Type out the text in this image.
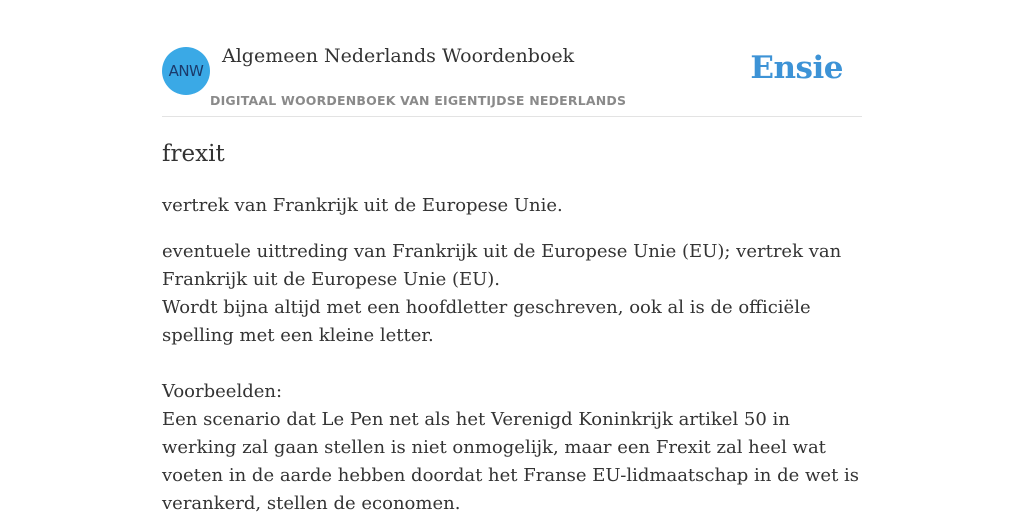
ANW
Algemeen Nederlands Woordenboek
DIGITAAL WOORDENBOEK VAN EIGENTIJDSE NEDERLANDS
Ensie
frexit

vertrek van Frankrijk uit de Europese Unie.

eventuele uittreding van Frankrijk uit de Europese Unie (EU); vertrek van Frankrijk uit de Europese Unie (EU).
Wordt bijna altijd met een hoofdletter geschreven, ook al is de officiële spelling met een kleine letter.
Voorbeelden:
Een scenario dat Le Pen net als het Verenigd Koninkrijk artikel 50 in werking zal gaan stellen is niet onmogelijk, maar een Frexit zal heel wat voeten in de aarde hebben doordat het Franse EU-lidmaatschap in de wet is verankerd, stellen de economen.
